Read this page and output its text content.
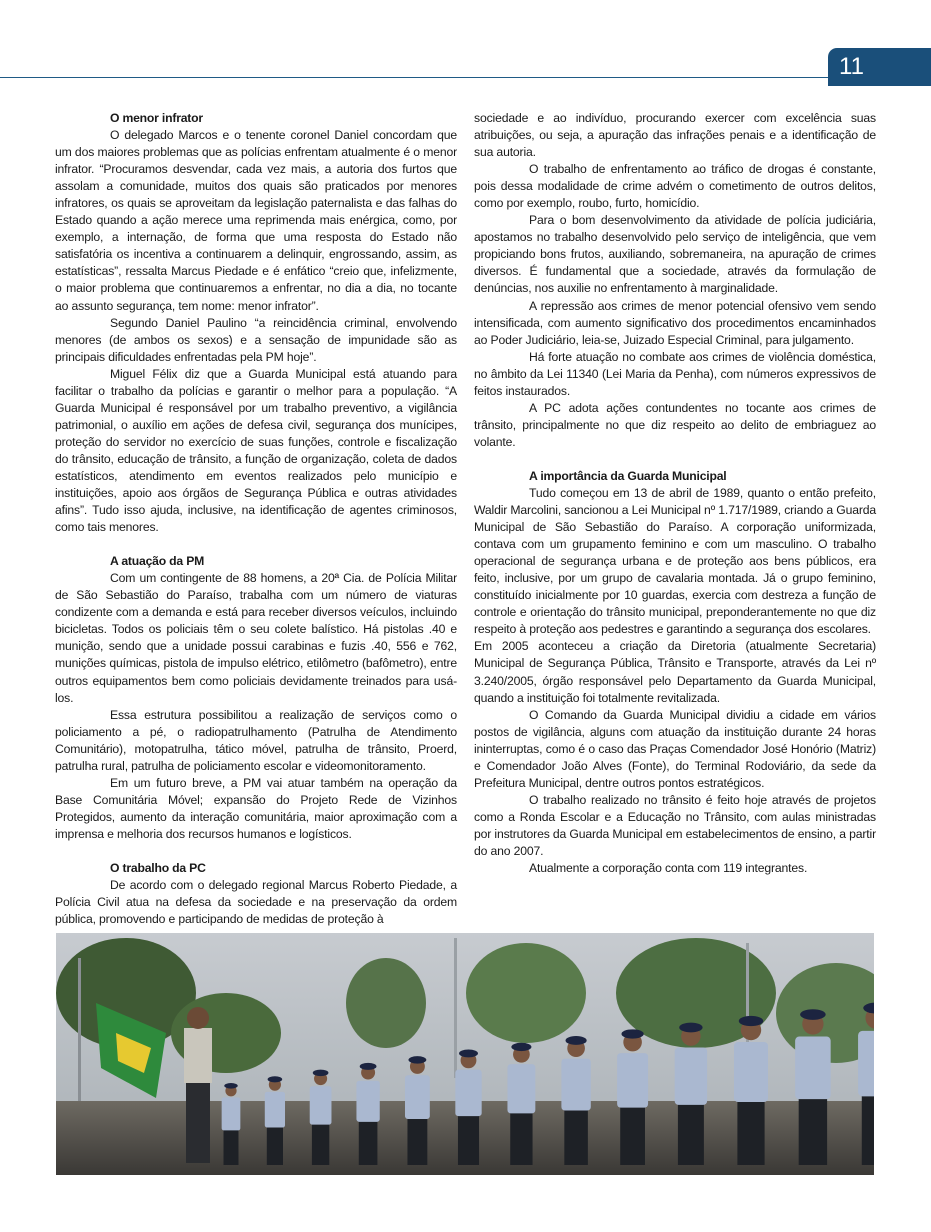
11
O menor infrator

O delegado Marcos e o tenente coronel Daniel concordam que um dos maiores problemas que as polícias enfrentam atualmente é o menor infrator. “Procuramos desvendar, cada vez mais, a autoria dos furtos que assolam a comunidade, muitos dos quais são praticados por menores infratores, os quais se aproveitam da legislação paternalista e das falhas do Estado quando a ação merece uma reprimenda mais enérgica, como, por exemplo, a internação, de forma que uma resposta do Estado não satisfatória os incentiva a continuarem a delinquir, engrossando, assim, as estatísticas”, ressalta Marcus Piedade e é enfático “creio que, infelizmente, o maior problema que continuaremos a enfrentar, no dia a dia, no tocante ao assunto segurança, tem nome: menor infrator”.

Segundo Daniel Paulino “a reincidência criminal, envolvendo menores (de ambos os sexos) e a sensação de impunidade são as principais dificuldades enfrentadas pela PM hoje”.

Miguel Félix diz que a Guarda Municipal está atuando para facilitar o trabalho da polícias e garantir o melhor para a população. “A Guarda Municipal é responsável por um trabalho preventivo, a vigilância patrimonial, o auxílio em ações de defesa civil, segurança dos munícipes, proteção do servidor no exercício de suas funções, controle e fiscalização do trânsito, educação de trânsito, a função de organização, coleta de dados estatísticos, atendimento em eventos realizados pelo município e instituições, apoio aos órgãos de Segurança Pública e outras atividades afins”. Tudo isso ajuda, inclusive, na identificação de agentes criminosos, como tais menores.

A atuação da PM

Com um contingente de 88 homens, a 20ª Cia. de Polícia Militar de São Sebastião do Paraíso, trabalha com um número de viaturas condizente com a demanda e está para receber diversos veículos, incluindo bicicletas. Todos os policiais têm o seu colete balístico. Há pistolas .40 e munição, sendo que a unidade possui carabinas e fuzis .40, 556 e 762, munições químicas, pistola de impulso elétrico, etilômetro (bafômetro), entre outros equipamentos bem como policiais devidamente treinados para usá-los.

Essa estrutura possibilitou a realização de serviços como o policiamento a pé, o radiopatrulhamento (Patrulha de Atendimento Comunitário), motopatrulha, tático móvel, patrulha de trânsito, Proerd, patrulha rural, patrulha de policiamento escolar e videomonitoramento.

Em um futuro breve, a PM vai atuar também na operação da Base Comunitária Móvel; expansão do Projeto Rede de Vizinhos Protegidos, aumento da interação comunitária, maior aproximação com a imprensa e melhoria dos recursos humanos e logísticos.

O trabalho da PC

De acordo com o delegado regional Marcus Roberto Piedade, a Polícia Civil atua na defesa da sociedade e na preservação da ordem pública, promovendo e participando de medidas de proteção à

sociedade e ao indivíduo, procurando exercer com excelência suas atribuições, ou seja, a apuração das infrações penais e a identificação de sua autoria.

O trabalho de enfrentamento ao tráfico de drogas é constante, pois dessa modalidade de crime advém o cometimento de outros delitos, como por exemplo, roubo, furto, homicídio.

Para o bom desenvolvimento da atividade de polícia judiciária, apostamos no trabalho desenvolvido pelo serviço de inteligência, que vem propiciando bons frutos, auxiliando, sobremaneira, na apuração de crimes diversos. É fundamental que a sociedade, através da formulação de denúncias, nos auxilie no enfrentamento à marginalidade.

A repressão aos crimes de menor potencial ofensivo vem sendo intensificada, com aumento significativo dos procedimentos encaminhados ao Poder Judiciário, leia-se, Juizado Especial Criminal, para julgamento.

Há forte atuação no combate aos crimes de violência doméstica, no âmbito da Lei 11340 (Lei Maria da Penha), com números expressivos de feitos instaurados.

A PC adota ações contundentes no tocante aos crimes de trânsito, principalmente no que diz respeito ao delito de embriaguez ao volante.

A importância da Guarda Municipal

Tudo começou em 13 de abril de 1989, quanto o então prefeito, Waldir Marcolini, sancionou a Lei Municipal nº 1.717/1989, criando a Guarda Municipal de São Sebastião do Paraíso. A corporação uniformizada, contava com um grupamento feminino e com um masculino. O trabalho operacional de segurança urbana e de proteção aos bens públicos, era feito, inclusive, por um grupo de cavalaria montada. Já o grupo feminino, constituído inicialmente por 10 guardas, exercia com destreza a função de controle e orientação do trânsito municipal, preponderantemente no que diz respeito à proteção aos pedestres e garantindo a segurança dos escolares.

Em 2005 aconteceu a criação da Diretoria (atualmente Secretaria) Municipal de Segurança Pública, Trânsito e Transporte, através da Lei nº 3.240/2005, órgão responsável pelo Departamento da Guarda Municipal, quando a instituição foi totalmente revitalizada.

O Comando da Guarda Municipal dividiu a cidade em vários postos de vigilância, alguns com atuação da instituição durante 24 horas ininterruptas, como é o caso das Praças Comendador José Honório (Matriz) e Comendador João Alves (Fonte), do Terminal Rodoviário, da sede da Prefeitura Municipal, dentre outros pontos estratégicos.

O trabalho realizado no trânsito é feito hoje através de projetos como a Ronda Escolar e a Educação no Trânsito, com aulas ministradas por instrutores da Guarda Municipal em estabelecimentos de ensino, a partir do ano 2007.

Atualmente a corporação conta com 119 integrantes.
